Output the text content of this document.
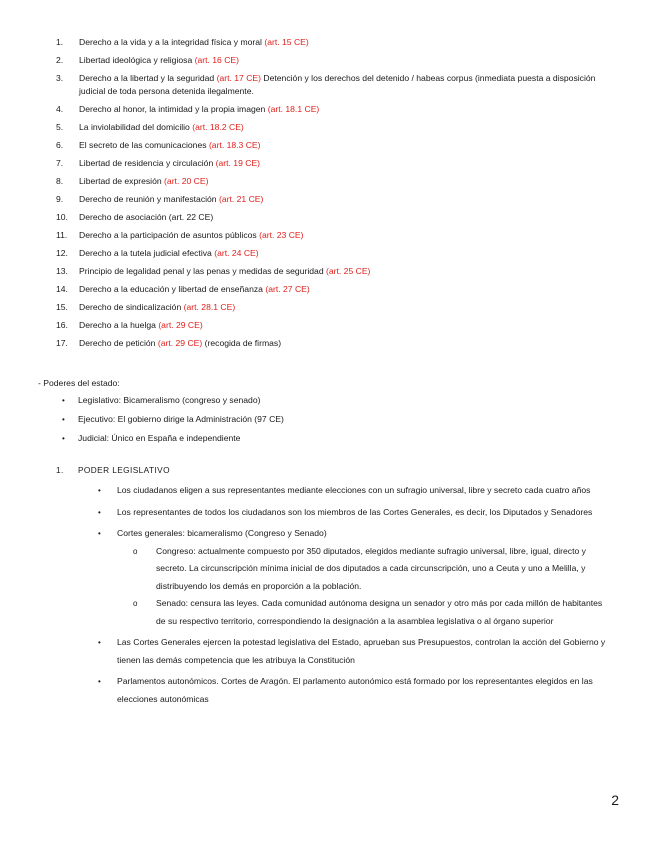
1.	Derecho a la vida y a la integridad física y moral (art. 15 CE)
2.	Libertad ideológica y religiosa (art. 16 CE)
3.	Derecho a la libertad y la seguridad (art. 17 CE) Detención y los derechos del detenido / habeas corpus (inmediata puesta a disposición judicial de toda persona detenida ilegalmente.
4.	Derecho al honor, la intimidad y la propia imagen (art. 18.1 CE)
5.	La inviolabilidad del domicilio (art. 18.2 CE)
6.	El secreto de las comunicaciones (art. 18.3 CE)
7.	Libertad de residencia y circulación (art. 19 CE)
8.	Libertad de expresión (art. 20 CE)
9.	Derecho de reunión y manifestación (art. 21 CE)
10.	Derecho de asociación (art. 22 CE)
11.	Derecho a la participación de asuntos públicos (art. 23 CE)
12.	Derecho a la tutela judicial efectiva (art. 24 CE)
13.	Principio de legalidad penal y las penas y medidas de seguridad (art. 25 CE)
14.	Derecho a la educación y libertad de enseñanza (art. 27 CE)
15.	Derecho de sindicalización (art. 28.1 CE)
16.	Derecho a la huelga (art. 29 CE)
17.	Derecho de petición (art. 29 CE) (recogida de firmas)

- Poderes del estado:

• Legislativo: Bicameralismo (congreso y senado)
• Ejecutivo: El gobierno dirige la Administración (97 CE)
• Judicial: Único en España e independiente
1. PODER LEGISLATIVO
• Los ciudadanos eligen a sus representantes mediante elecciones con un sufragio universal, libre y secreto cada cuatro años
• Los representantes de todos los ciudadanos son los miembros de las Cortes Generales, es decir, los Diputados y Senadores
• Cortes generales: bicameralismo (Congreso y Senado)
o Congreso: actualmente compuesto por 350 diputados, elegidos mediante sufragio universal, libre, igual, directo y secreto. La circunscripción mínima inicial de dos diputados a cada circunscripción, uno a Ceuta y uno a Melilla, y distribuyendo los demás en proporción a la población.
o Senado: censura las leyes. Cada comunidad autónoma designa un senador y otro más por cada millón de habitantes de su respectivo territorio, correspondiendo la designación a la asamblea legislativa o al órgano superior
• Las Cortes Generales ejercen la potestad legislativa del Estado, aprueban sus Presupuestos, controlan la acción del Gobierno y tienen las demás competencia que les atribuya la Constitución
• Parlamentos autonómicos. Cortes de Aragón. El parlamento autonómico está formado por los representantes elegidos en las elecciones autonómicas
2
